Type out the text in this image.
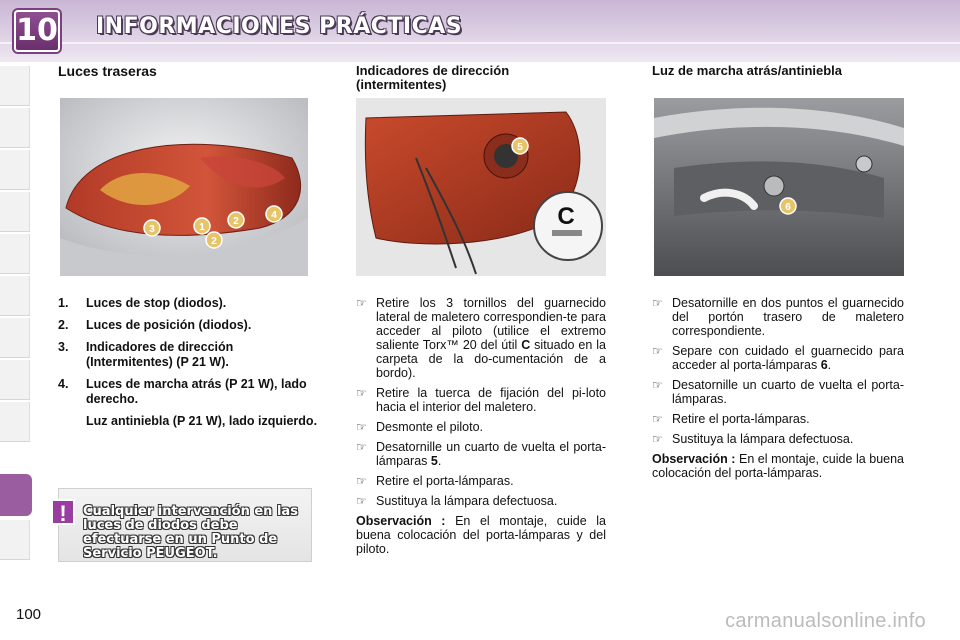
10 INFORMACIONES PRÁCTICAS
Luces traseras
3	1
2
4
2
1.	Luces de stop (diodos).
2.	Luces de posición (diodos).
3.	Indicadores de dirección (Intermitentes) (P 21 W).
4.	Luces de marcha atrás (P 21 W), lado derecho.
Luz antiniebla (P 21 W), lado izquierdo.
!	Cualquier intervención en las luces de diodos debe efectuarse en un Punto de Servicio PEUGEOT.
Indicadores de dirección (intermitentes)
5
C
☞ Retire los 3 tornillos del guarnecido lateral de maletero correspondien-te para acceder al piloto (utilice el extremo saliente Torx™ 20 del útil C situado en la carpeta de la do-cumentación de a bordo).
☞ Retire la tuerca de fijación del pi-loto hacia el interior del maletero.
☞ Desmonte el piloto.
☞ Desatornille un cuarto de vuelta el porta-lámparas 5.
☞ Retire el porta-lámparas.
☞ Sustituya la lámpara defectuosa.
Observación : En el montaje, cuide la buena colocación del porta-lámparas y del piloto.
Luz de marcha atrás/antiniebla
6
☞ Desatornille en dos puntos el guarnecido del portón trasero de maletero correspondiente.
☞ Separe con cuidado el guarnecido para acceder al porta-lámparas 6.
☞ Desatornille un cuarto de vuelta el porta-lámparas.
☞ Retire el porta-lámparas.
☞ Sustituya la lámpara defectuosa.
Observación : En el montaje, cuide la buena colocación del porta-lámparas.
100	carmanualsonline.info
